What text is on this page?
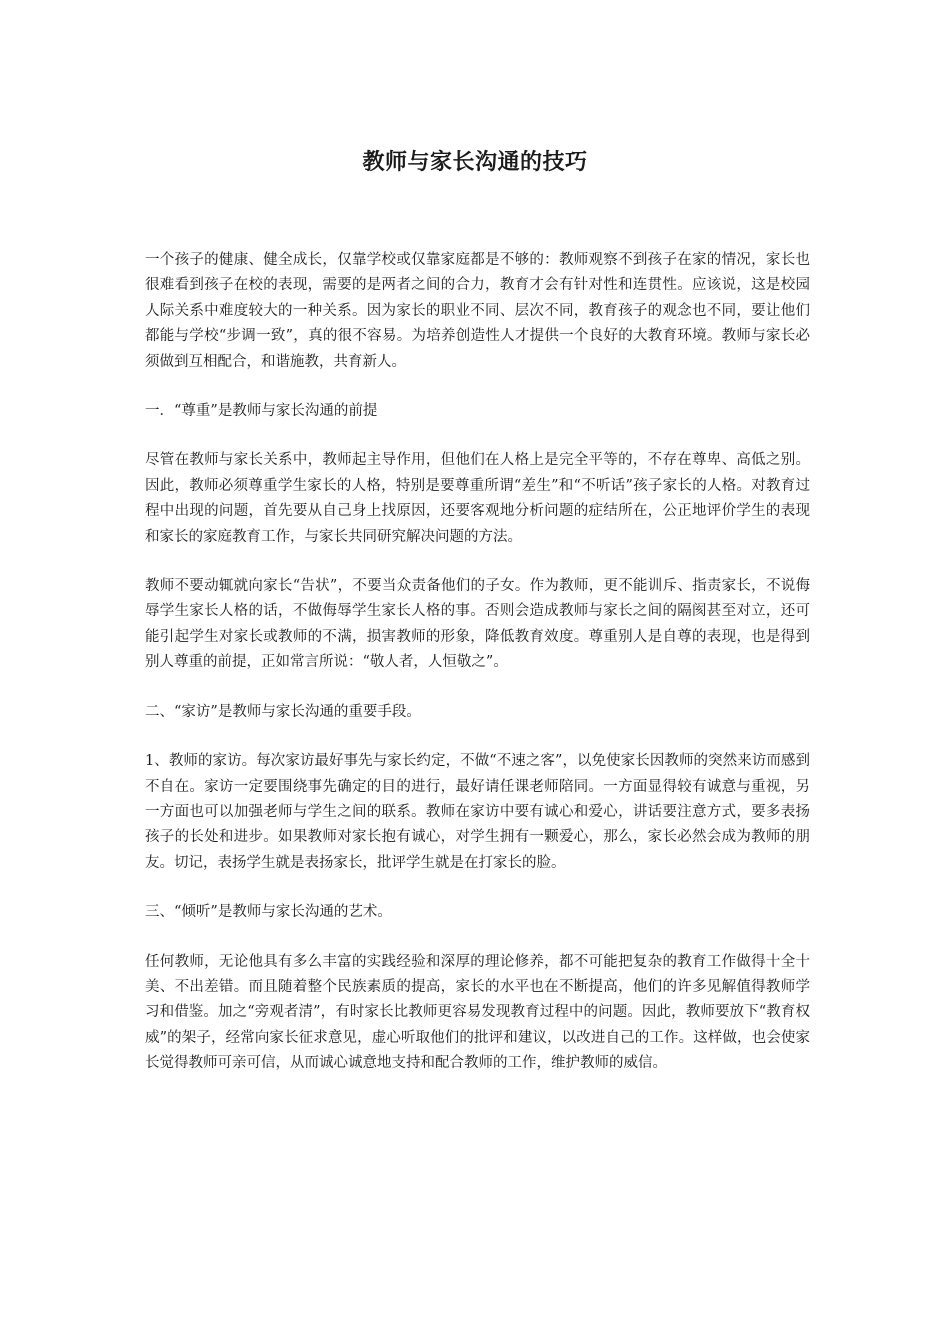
教师与家长沟通的技巧

一个孩子的健康、健全成长，仅靠学校或仅靠家庭都是不够的：教师观察不到孩子在家的情况，家长也很难看到孩子在校的表现，需要的是两者之间的合力，教育才会有针对性和连贯性。应该说，这是校园人际关系中难度较大的一种关系。因为家长的职业不同、层次不同，教育孩子的观念也不同，要让他们都能与学校“步调一致”，真的很不容易。为培养创造性人才提供一个良好的大教育环境。教师与家长必须做到互相配合，和谐施教，共育新人。

一．“尊重”是教师与家长沟通的前提

尽管在教师与家长关系中，教师起主导作用，但他们在人格上是完全平等的，不存在尊卑、高低之别。因此，教师必须尊重学生家长的人格，特别是要尊重所谓“差生”和“不听话”孩子家长的人格。对教育过程中出现的问题，首先要从自己身上找原因，还要客观地分析问题的症结所在，公正地评价学生的表现和家长的家庭教育工作，与家长共同研究解决问题的方法。

教师不要动辄就向家长“告状”，不要当众责备他们的子女。作为教师，更不能训斥、指责家长，不说侮辱学生家长人格的话，不做侮辱学生家长人格的事。否则会造成教师与家长之间的隔阂甚至对立，还可能引起学生对家长或教师的不满，损害教师的形象，降低教育效度。尊重别人是自尊的表现，也是得到别人尊重的前提，正如常言所说：“敬人者，人恒敬之”。

二、“家访”是教师与家长沟通的重要手段。

1、教师的家访。每次家访最好事先与家长约定，不做“不速之客”，以免使家长因教师的突然来访而感到不自在。家访一定要围绕事先确定的目的进行，最好请任课老师陪同。一方面显得较有诚意与重视，另一方面也可以加强老师与学生之间的联系。教师在家访中要有诚心和爱心，讲话要注意方式，要多表扬孩子的长处和进步。如果教师对家长抱有诚心，对学生拥有一颗爱心，那么，家长必然会成为教师的朋友。切记，表扬学生就是表扬家长，批评学生就是在打家长的脸。

三、“倾听”是教师与家长沟通的艺术。

任何教师，无论他具有多么丰富的实践经验和深厚的理论修养，都不可能把复杂的教育工作做得十全十美、不出差错。而且随着整个民族素质的提高，家长的水平也在不断提高，他们的许多见解值得教师学习和借鉴。加之“旁观者清”，有时家长比教师更容易发现教育过程中的问题。因此，教师要放下“教育权威”的架子，经常向家长征求意见，虚心听取他们的批评和建议，以改进自己的工作。这样做，也会使家长觉得教师可亲可信，从而诚心诚意地支持和配合教师的工作，维护教师的威信。
